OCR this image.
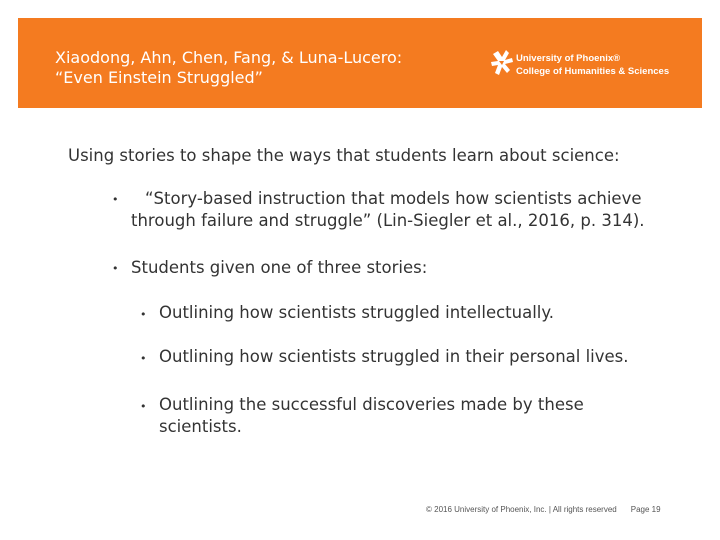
Xiaodong, Ahn, Chen, Fang, & Luna-Lucero:
“Even Einstein Struggled”
University of Phoenix®
College of Humanities & Sciences
Using stories to shape the ways that students learn about science:
•	“Story-based instruction that models how scientists achieve
through failure and struggle” (Lin-Siegler et al., 2016, p. 314).
• Students given one of three stories:
• Outlining how scientists struggled intellectually.
• Outlining how scientists struggled in their personal lives.
• Outlining the successful discoveries made by these
scientists.
© 2016 University of Phoenix, Inc. | All rights reserved Page 19
